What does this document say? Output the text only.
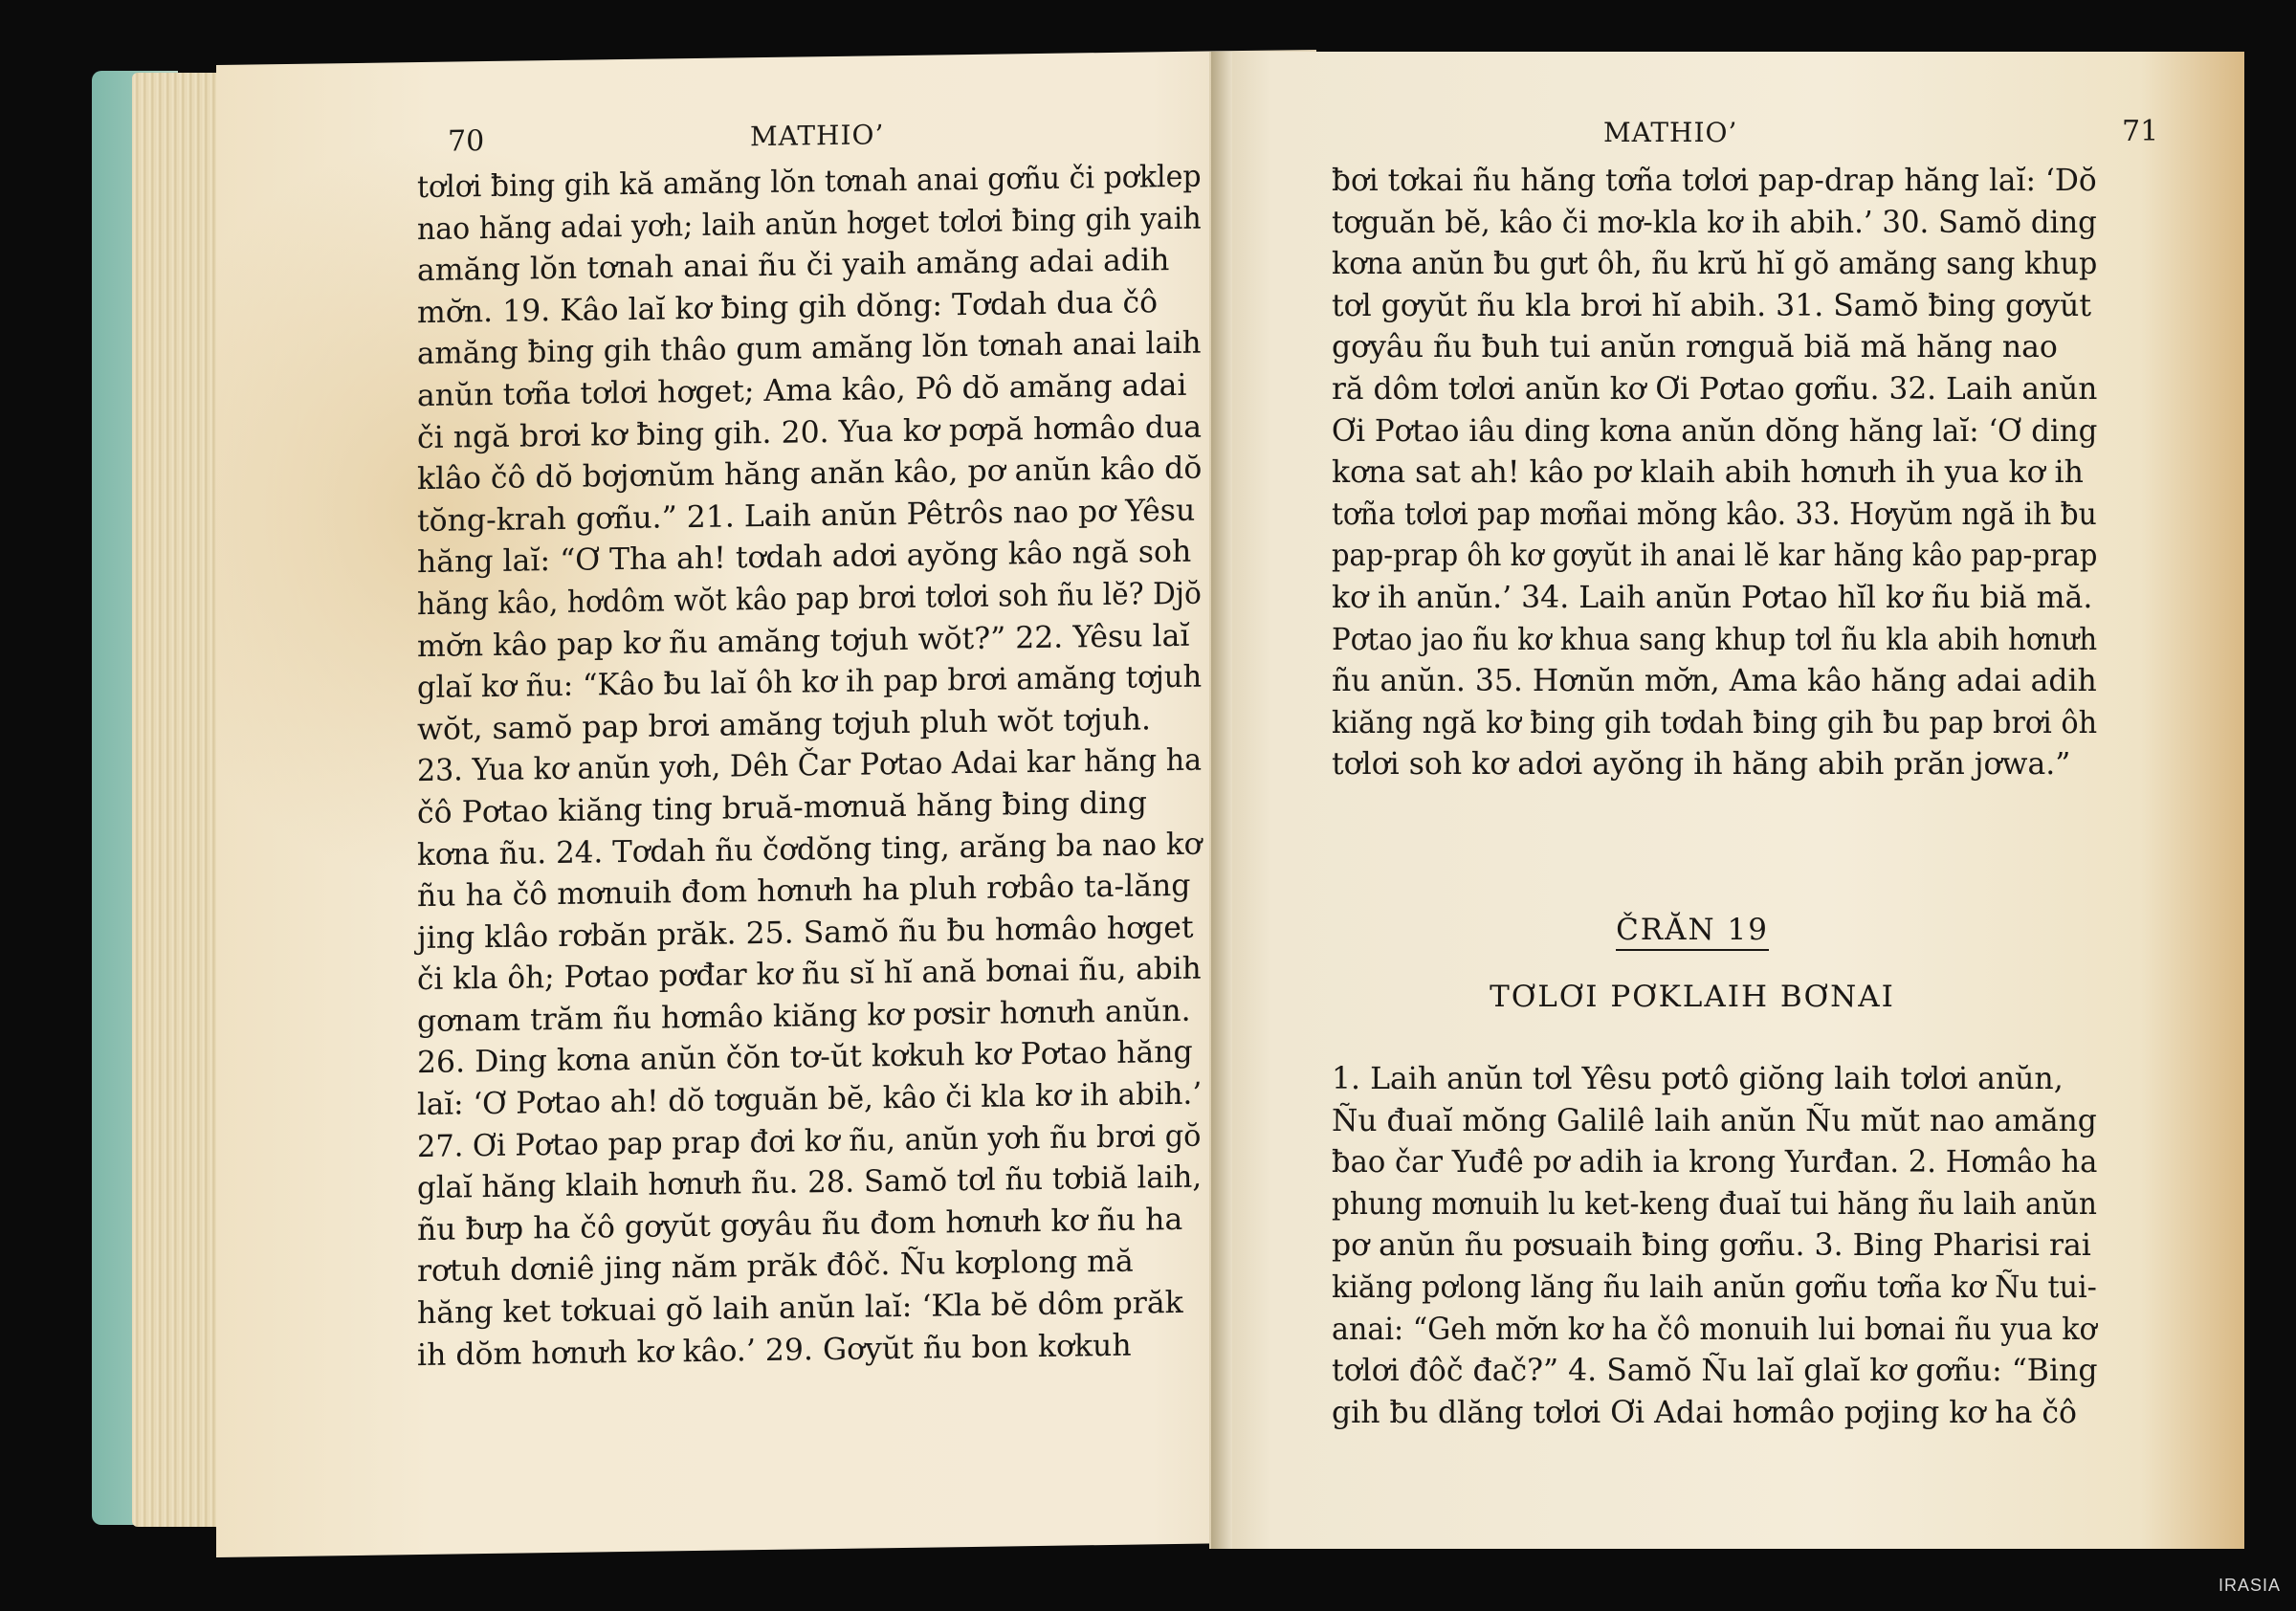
70	MATHIO’
tơlơi ƀing gih kă amăng lŏn tơnah anai gơñu či pơklep
nao hăng adai yơh; laih anŭn hơget tơlơi ƀing gih yaih
amăng lŏn tơnah anai ñu či yaih amăng adai adih
mơ̆n. 19. Kâo laĭ kơ ƀing gih dŏng: Tơdah dua čô
amăng ƀing gih thâo gum amăng lŏn tơnah anai laih
anŭn tơña tơlơi hơget; Ama kâo, Pô dŏ amăng adai
či ngă brơi kơ ƀing gih. 20. Yua kơ pơpă hơmâo dua
klâo čô dŏ bơjơnŭm hăng anăn kâo, pơ anŭn kâo dŏ
tŏng-krah gơñu.” 21. Laih anŭn Pêtrôs nao pơ Yêsu
hăng laĭ: “Ơ Tha ah! tơdah adơi ayŏng kâo ngă soh
hăng kâo, hơdôm wŏt kâo pap brơi tơlơi soh ñu lĕ? Djŏ
mơ̆n kâo pap kơ ñu amăng tơjuh wŏt?” 22. Yêsu laĭ
glaĭ kơ ñu: “Kâo ƀu laĭ ôh kơ ih pap brơi amăng tơjuh
wŏt, samŏ pap brơi amăng tơjuh pluh wŏt tơjuh.
23. Yua kơ anŭn yơh, Dêh Čar Pơtao Adai kar hăng ha
čô Pơtao kiăng ting bruă-mơnuă hăng ƀing ding
kơna ñu. 24. Tơdah ñu čơdŏng ting, arăng ba nao kơ
ñu ha čô mơnuih đom hơnưh ha pluh rơbâo ta-lăng
jing klâo rơbăn prăk. 25. Samŏ ñu ƀu hơmâo hơget
či kla ôh; Pơtao pơđar kơ ñu sĭ hĭ ană bơnai ñu, abih
gơnam trăm ñu hơmâo kiăng kơ pơsir hơnưh anŭn.
26. Ding kơna anŭn čŏn tơ-ŭt kơkuh kơ Pơtao hăng
laĭ: ‘Ơ Pơtao ah! dŏ tơguăn bĕ, kâo či kla kơ ih abih.’
27. Ơi Pơtao pap prap đơi kơ ñu, anŭn yơh ñu brơi gŏ
glaĭ hăng klaih hơnưh ñu. 28. Samŏ tơl ñu tơbiă laih,
ñu ƀưp ha čô gơyŭt gơyâu ñu đom hơnưh kơ ñu ha
rơtuh dơniê jing năm prăk đôč. Ñu kơplong mă
hăng ket tơkuai gŏ laih anŭn laĭ: ‘Kla bĕ dôm prăk
ih dŏm hơnưh kơ kâo.’ 29. Gơyŭt ñu bon kơkuh
MATHIO’	71
ƀơi tơkai ñu hăng tơña tơlơi pap-drap hăng laĭ: ‘Dŏ
tơguăn bĕ, kâo či mơ-kla kơ ih abih.’ 30. Samŏ ding
kơna anŭn ƀu gưt ôh, ñu krŭ hĭ gŏ amăng sang khup
tơl gơyŭt ñu kla brơi hĭ abih. 31. Samŏ ƀing gơyŭt
gơyâu ñu ƀuh tui anŭn rơnguă biă mă hăng nao
ră dôm tơlơi anŭn kơ Ơi Pơtao gơñu. 32. Laih anŭn
Ơi Pơtao iâu ding kơna anŭn dŏng hăng laĭ: ‘Ơ ding
kơna sat ah! kâo pơ klaih abih hơnưh ih yua kơ ih
tơña tơlơi pap mơñai mŏng kâo. 33. Hơyŭm ngă ih ƀu
pap-prap ôh kơ gơyŭt ih anai lĕ kar hăng kâo pap-prap
kơ ih anŭn.’ 34. Laih anŭn Pơtao hĭl kơ ñu biă mă.
Pơtao jao ñu kơ khua sang khup tơl ñu kla abih hơnưh
ñu anŭn. 35. Hơnŭn mơ̆n, Ama kâo hăng adai adih
kiăng ngă kơ ƀing gih tơdah ƀing gih ƀu pap brơi ôh
tơlơi soh kơ adơi ayŏng ih hăng abih prăn jơwa.”
ČRĂN 19
TƠLƠI PƠKLAIH BƠNAI
1. Laih anŭn tơl Yêsu pơtô giŏng laih tơlơi anŭn,
Ñu đuaĭ mŏng Galilê laih anŭn Ñu mŭt nao amăng
ƀao čar Yuđê pơ adih ia krong Yurđan. 2. Hơmâo ha
phung mơnuih lu ket-keng đuaĭ tui hăng ñu laih anŭn
pơ anŭn ñu pơsuaih ƀing gơñu. 3. Bing Pharisi rai
kiăng pơlong lăng ñu laih anŭn gơñu tơña kơ Ñu tui-
anai: “Geh mơ̆n kơ ha čô monuih lui bơnai ñu yua kơ
tơlơi đôč đač?” 4. Samŏ Ñu laĭ glaĭ kơ gơñu: “Bing
gih ƀu dlăng tơlơi Ơi Adai hơmâo pơjing kơ ha čô
IRASIA
